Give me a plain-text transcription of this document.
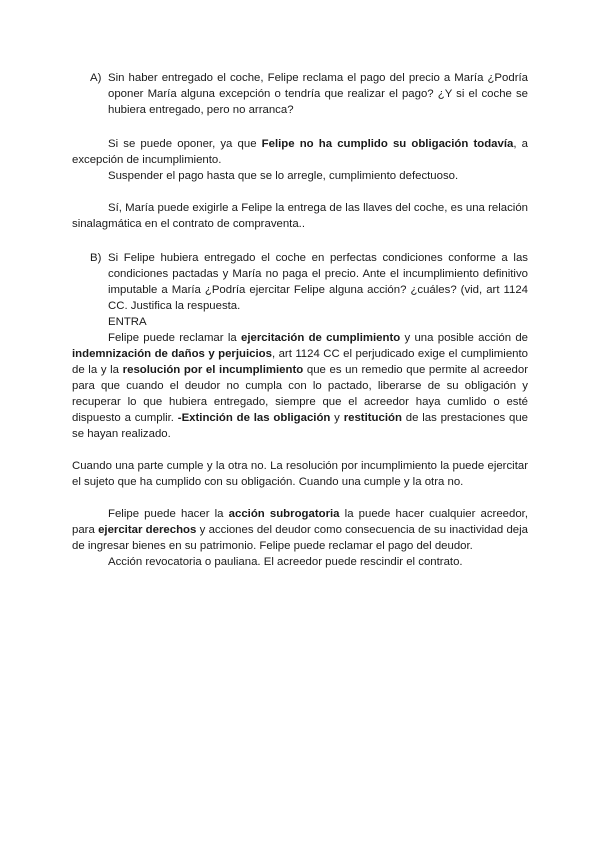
A) Sin haber entregado el coche, Felipe reclama el pago del precio a María ¿Podría oponer María alguna excepción o tendría que realizar el pago? ¿Y si el coche se hubiera entregado, pero no arranca?

Si se puede oponer, ya que Felipe no ha cumplido su obligación todavía, a excepción de incumplimiento.

Suspender el pago hasta que se lo arregle, cumplimiento defectuoso.

Sí, María puede exigirle a Felipe la entrega de las llaves del coche, es una relación sinalagmática en el contrato de compraventa..

B) Si Felipe hubiera entregado el coche en perfectas condiciones conforme a las condiciones pactadas y María no paga el precio. Ante el incumplimiento definitivo imputable a María ¿Podría ejercitar Felipe alguna acción? ¿cuáles? (vid, art 1124 CC. Justifica la respuesta.

ENTRA

Felipe puede reclamar la ejercitación de cumplimiento y una posible acción de indemnización de daños y perjuicios, art 1124 CC el perjudicado exige el cumplimiento de la y la resolución por el incumplimiento que es un remedio que permite al acreedor para que cuando el deudor no cumpla con lo pactado, liberarse de su obligación y recuperar lo que hubiera entregado, siempre que el acreedor haya cumlido o esté dispuesto a cumplir. -Extinción de las obligación y restitución de las prestaciones que se hayan realizado.

Cuando una parte cumple y la otra no. La resolución por incumplimiento la puede ejercitar el sujeto que ha cumplido con su obligación. Cuando una cumple y la otra no.

Felipe puede hacer la acción subrogatoria la puede hacer cualquier acreedor, para ejercitar derechos y acciones del deudor como consecuencia de su inactividad deja de ingresar bienes en su patrimonio. Felipe puede reclamar el pago del deudor.

Acción revocatoria o pauliana. El acreedor puede rescindir el contrato.
